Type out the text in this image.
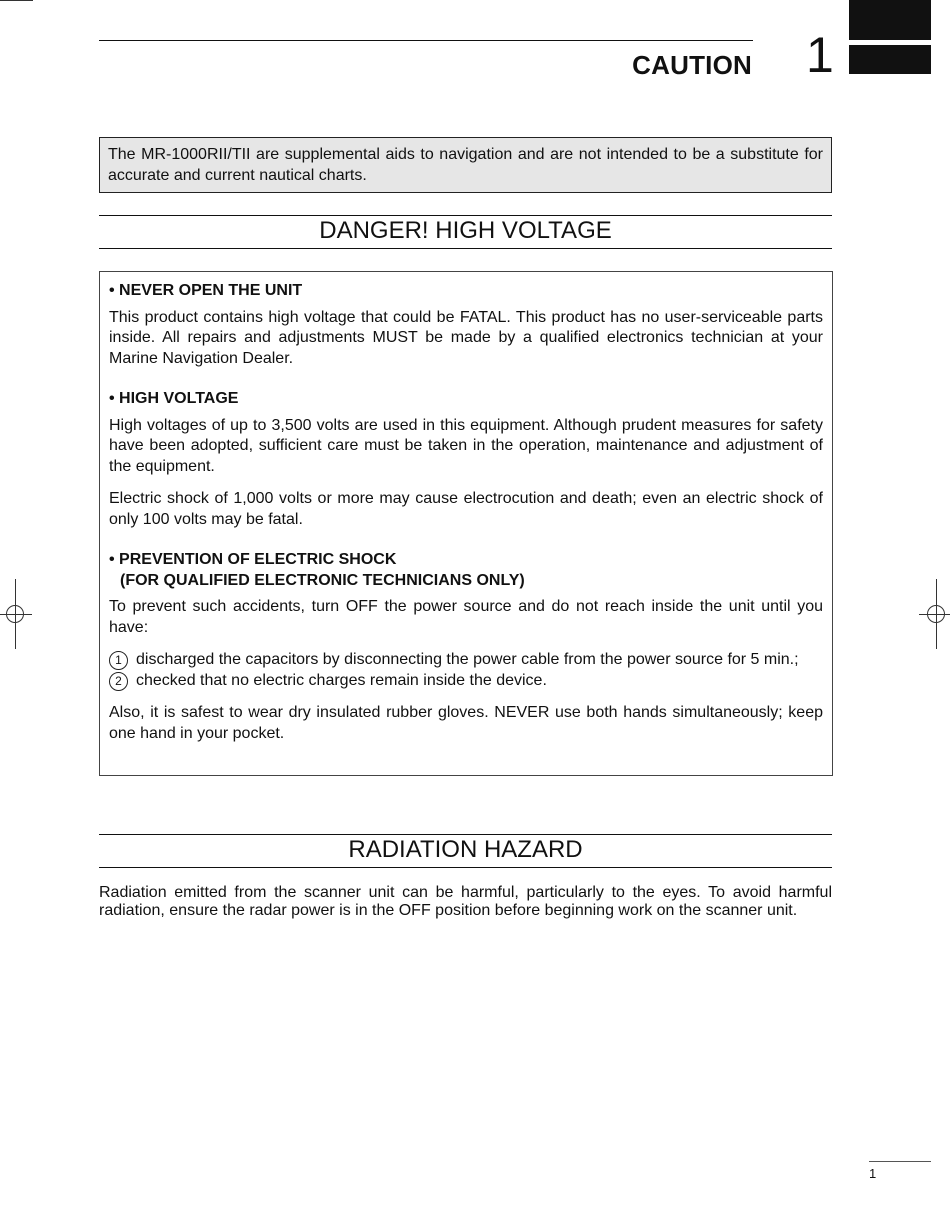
CAUTION 1
The MR-1000RII/TII are supplemental aids to navigation and are not intended to be a substitute for accurate and current nautical charts.
DANGER! HIGH VOLTAGE

• NEVER OPEN THE UNIT

This product contains high voltage that could be FATAL. This product has no user-serviceable parts inside. All repairs and adjustments MUST be made by a qualified electronics technician at your Marine Navigation Dealer.

• HIGH VOLTAGE

High voltages of up to 3,500 volts are used in this equipment. Although prudent measures for safety have been adopted, sufficient care must be taken in the operation, maintenance and adjustment of the equipment.

Electric shock of 1,000 volts or more may cause electrocution and death; even an electric shock of only 100 volts may be fatal.

• PREVENTION OF ELECTRIC SHOCK

(FOR QUALIFIED ELECTRONIC TECHNICIANS ONLY)

To prevent such accidents, turn OFF the power source and do not reach inside the unit until you have:

1 discharged the capacitors by disconnecting the power cable from the power source for 5 min.;
2 checked that no electric charges remain inside the device.

Also, it is safest to wear dry insulated rubber gloves. NEVER use both hands simultaneously; keep one hand in your pocket.

RADIATION HAZARD
Radiation emitted from the scanner unit can be harmful, particularly to the eyes. To avoid harmful radiation, ensure the radar power is in the OFF position before beginning work on the scanner unit.
1
